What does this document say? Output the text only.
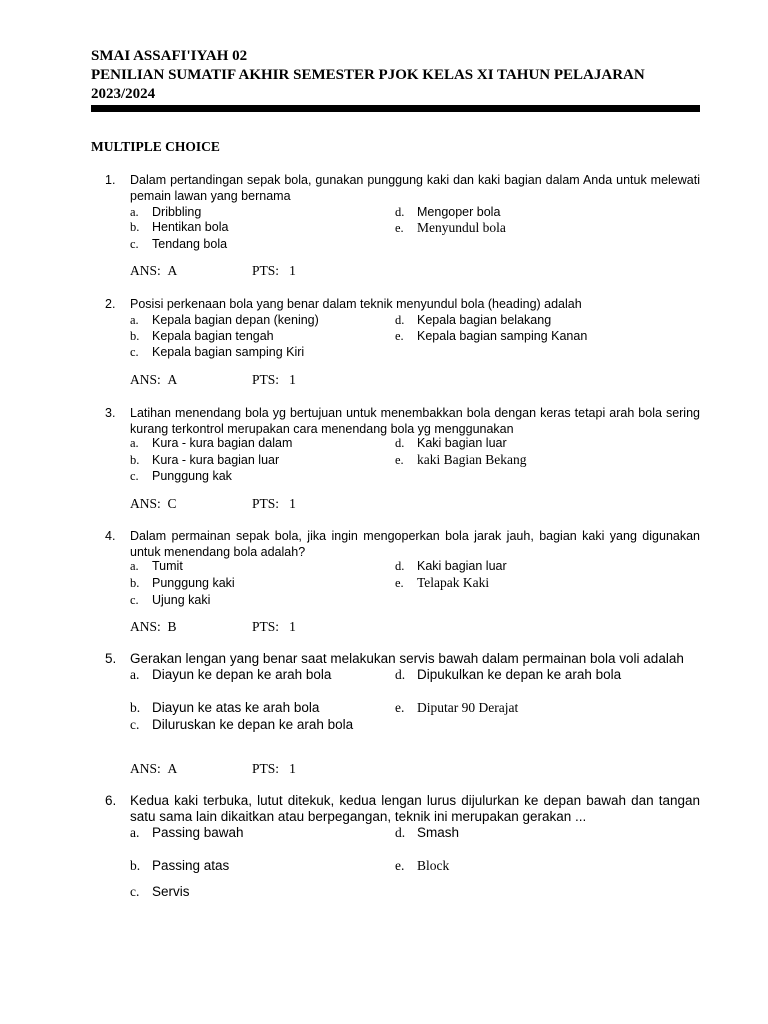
SMAI ASSAFI'IYAH 02
PENILIAN SUMATIF AKHIR SEMESTER PJOK KELAS XI TAHUN PELAJARAN
2023/2024
MULTIPLE CHOICE
1.	Dalam pertandingan sepak bola, gunakan punggung kaki dan kaki bagian dalam Anda untuk melewati pemain lawan yang bernama
a. Dribbling
b. Hentikan bola
c. Tendang bola
d. Mengoper bola
e. Menyundul bola
ANS: A	PTS: 1
2.	Posisi perkenaan bola yang benar dalam teknik menyundul bola (heading) adalah
a. Kepala bagian depan (kening)
b. Kepala bagian tengah
c. Kepala bagian samping Kiri
d. Kepala bagian belakang
e. Kepala bagian samping Kanan
ANS: A	PTS: 1
3.	Latihan menendang bola yg bertujuan untuk menembakkan bola dengan keras tetapi arah bola sering kurang terkontrol merupakan cara menendang bola yg menggunakan
a. Kura - kura bagian dalam
b. Kura - kura bagian luar
c. Punggung kak
d. Kaki bagian luar
e. kaki Bagian Bekang
ANS: C	PTS: 1
4.	Dalam permainan sepak bola, jika ingin mengoperkan bola jarak jauh, bagian kaki yang digunakan untuk menendang bola adalah?
a. Tumit
b. Punggung kaki
c. Ujung kaki
d. Kaki bagian luar
e. Telapak Kaki
ANS: B	PTS: 1
5.	Gerakan lengan yang benar saat melakukan servis bawah dalam permainan bola voli adalah
a. Diayun ke depan ke arah bola
b. Diayun ke atas ke arah bola
c. Diluruskan ke depan ke arah bola
d. Dipukulkan ke depan ke arah bola
e. Diputar 90 Derajat
ANS: A	PTS: 1
6.	Kedua kaki terbuka, lutut ditekuk, kedua lengan lurus dijulurkan ke depan bawah dan tangan satu sama lain dikaitkan atau berpegangan, teknik ini merupakan gerakan ...
a. Passing bawah
b. Passing atas
c. Servis
d. Smash
e. Block
